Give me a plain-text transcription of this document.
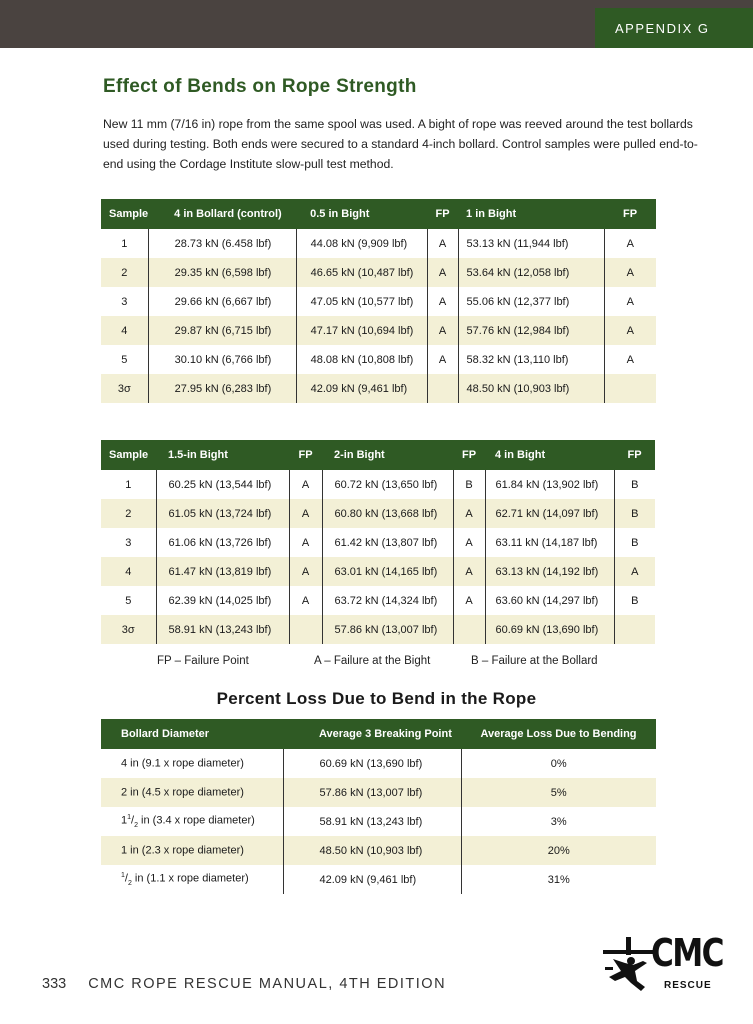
APPENDIX G
Effect of Bends on Rope Strength

New 11 mm (7/16 in) rope from the same spool was used. A bight of rope was reeved around the test bollards used during testing. Both ends were secured to a standard 4-inch bollard. Control samples were pulled end-to-end using the Cordage Institute slow-pull test method.

Sample	4 in Bollard (control)	0.5 in Bight	FP	1 in Bight	FP
1	28.73 kN (6.458 lbf)	44.08 kN (9,909 lbf)	A	53.13 kN (11,944 lbf)	A
2	29.35 kN (6,598 lbf)	46.65 kN (10,487 lbf)	A	53.64 kN (12,058 lbf)	A
3	29.66 kN (6,667 lbf)	47.05 kN (10,577 lbf)	A	55.06 kN (12,377 lbf)	A
4	29.87 kN (6,715 lbf)	47.17 kN (10,694 lbf)	A	57.76 kN (12,984 lbf)	A
5	30.10 kN (6,766 lbf)	48.08 kN (10,808 lbf)	A	58.32 kN (13,110 lbf)	A
3σ	27.95 kN (6,283 lbf)	42.09 kN (9,461 lbf)		48.50 kN (10,903 lbf)	
Sample	1.5-in Bight	FP	2-in Bight	FP	4 in Bight	FP
1	60.25 kN (13,544 lbf)	A	60.72 kN (13,650 lbf)	B	61.84 kN (13,902 lbf)	B
2	61.05 kN (13,724 lbf)	A	60.80 kN (13,668 lbf)	A	62.71 kN (14,097 lbf)	B
3	61.06 kN (13,726 lbf)	A	61.42 kN (13,807 lbf)	A	63.11 kN (14,187 lbf)	B
4	61.47 kN (13,819 lbf)	A	63.01 kN (14,165 lbf)	A	63.13 kN (14,192 lbf)	A
5	62.39 kN (14,025 lbf)	A	63.72 kN (14,324 lbf)	A	63.60 kN (14,297 lbf)	B
3σ	58.91 kN (13,243 lbf)		57.86 kN (13,007 lbf)		60.69 kN (13,690 lbf)	
FP – Failure Point	A – Failure at the Bight	B – Failure at the Bollard
Percent Loss Due to Bend in the Rope
Bollard Diameter	Average 3 Breaking Point	Average Loss Due to Bending
4 in (9.1 x rope diameter)	60.69 kN (13,690 lbf)	0%
2 in (4.5 x rope diameter)	57.86 kN (13,007 lbf)	5%
$1^1/_2$ in (3.4 x rope diameter)	58.91 kN (13,243 lbf)	3%
1 in (2.3 x rope diameter)	48.50 kN (10,903 lbf)	20%
$^1/_2$ in (1.1 x rope diameter)	42.09 kN (9,461 lbf)	31%
333 CMC ROPE RESCUE MANUAL, 4TH EDITION
CMC
RESCUE
